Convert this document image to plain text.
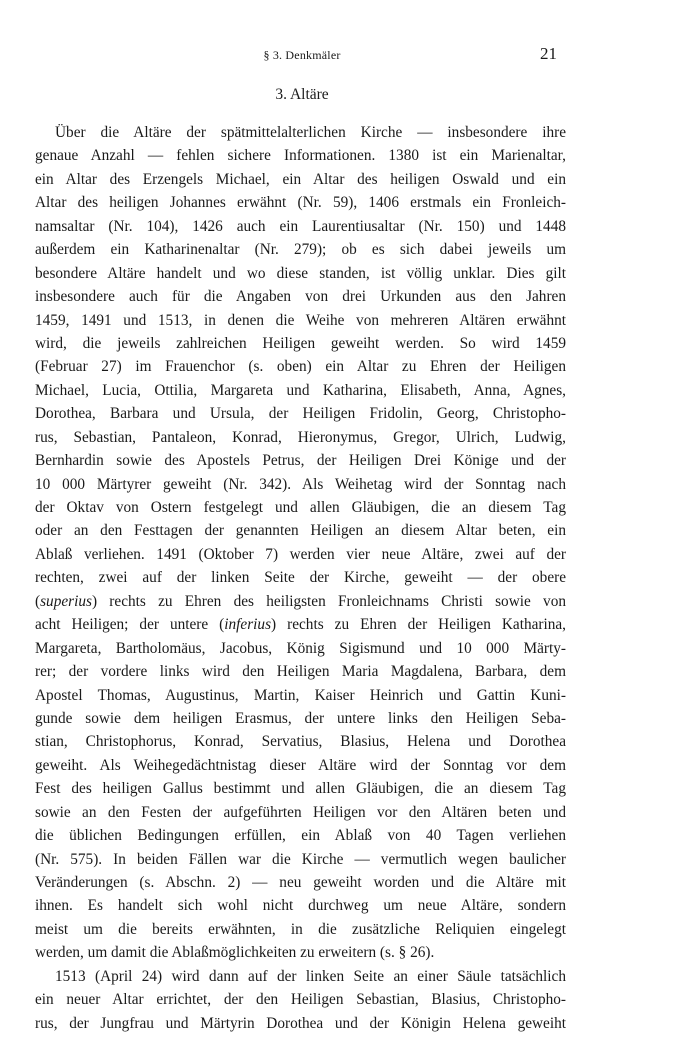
§ 3. Denkmäler	21
3. Altäre
Über die Altäre der spätmittelalterlichen Kirche — insbesondere ihre
genaue Anzahl — fehlen sichere Informationen. 1380 ist ein Marienaltar,
ein Altar des Erzengels Michael, ein Altar des heiligen Oswald und ein
Altar des heiligen Johannes erwähnt (Nr. 59), 1406 erstmals ein Fronleich-
namsaltar (Nr. 104), 1426 auch ein Laurentiusaltar (Nr. 150) und 1448
außerdem ein Katharinenaltar (Nr. 279); ob es sich dabei jeweils um
besondere Altäre handelt und wo diese standen, ist völlig unklar. Dies gilt
insbesondere auch für die Angaben von drei Urkunden aus den Jahren
1459, 1491 und 1513, in denen die Weihe von mehreren Altären erwähnt
wird, die jeweils zahlreichen Heiligen geweiht werden. So wird 1459
(Februar 27) im Frauenchor (s. oben) ein Altar zu Ehren der Heiligen
Michael, Lucia, Ottilia, Margareta und Katharina, Elisabeth, Anna, Agnes,
Dorothea, Barbara und Ursula, der Heiligen Fridolin, Georg, Christopho-
rus, Sebastian, Pantaleon, Konrad, Hieronymus, Gregor, Ulrich, Ludwig,
Bernhardin sowie des Apostels Petrus, der Heiligen Drei Könige und der
10 000 Märtyrer geweiht (Nr. 342). Als Weihetag wird der Sonntag nach
der Oktav von Ostern festgelegt und allen Gläubigen, die an diesem Tag
oder an den Festtagen der genannten Heiligen an diesem Altar beten, ein
Ablaß verliehen. 1491 (Oktober 7) werden vier neue Altäre, zwei auf der
rechten, zwei auf der linken Seite der Kirche, geweiht — der obere
(superius) rechts zu Ehren des heiligsten Fronleichnams Christi sowie von
acht Heiligen; der untere (inferius) rechts zu Ehren der Heiligen Katharina,
Margareta, Bartholomäus, Jacobus, König Sigismund und 10 000 Märty-
rer; der vordere links wird den Heiligen Maria Magdalena, Barbara, dem
Apostel Thomas, Augustinus, Martin, Kaiser Heinrich und Gattin Kuni-
gunde sowie dem heiligen Erasmus, der untere links den Heiligen Seba-
stian, Christophorus, Konrad, Servatius, Blasius, Helena und Dorothea
geweiht. Als Weihegedächtnistag dieser Altäre wird der Sonntag vor dem
Fest des heiligen Gallus bestimmt und allen Gläubigen, die an diesem Tag
sowie an den Festen der aufgeführten Heiligen vor den Altären beten und
die üblichen Bedingungen erfüllen, ein Ablaß von 40 Tagen verliehen
(Nr. 575). In beiden Fällen war die Kirche — vermutlich wegen baulicher
Veränderungen (s. Abschn. 2) — neu geweiht worden und die Altäre mit
ihnen. Es handelt sich wohl nicht durchweg um neue Altäre, sondern
meist um die bereits erwähnten, in die zusätzliche Reliquien eingelegt
werden, um damit die Ablaßmöglichkeiten zu erweitern (s. § 26).
1513 (April 24) wird dann auf der linken Seite an einer Säule tatsächlich
ein neuer Altar errichtet, der den Heiligen Sebastian, Blasius, Christopho-
rus, der Jungfrau und Märtyrin Dorothea und der Königin Helena geweiht
